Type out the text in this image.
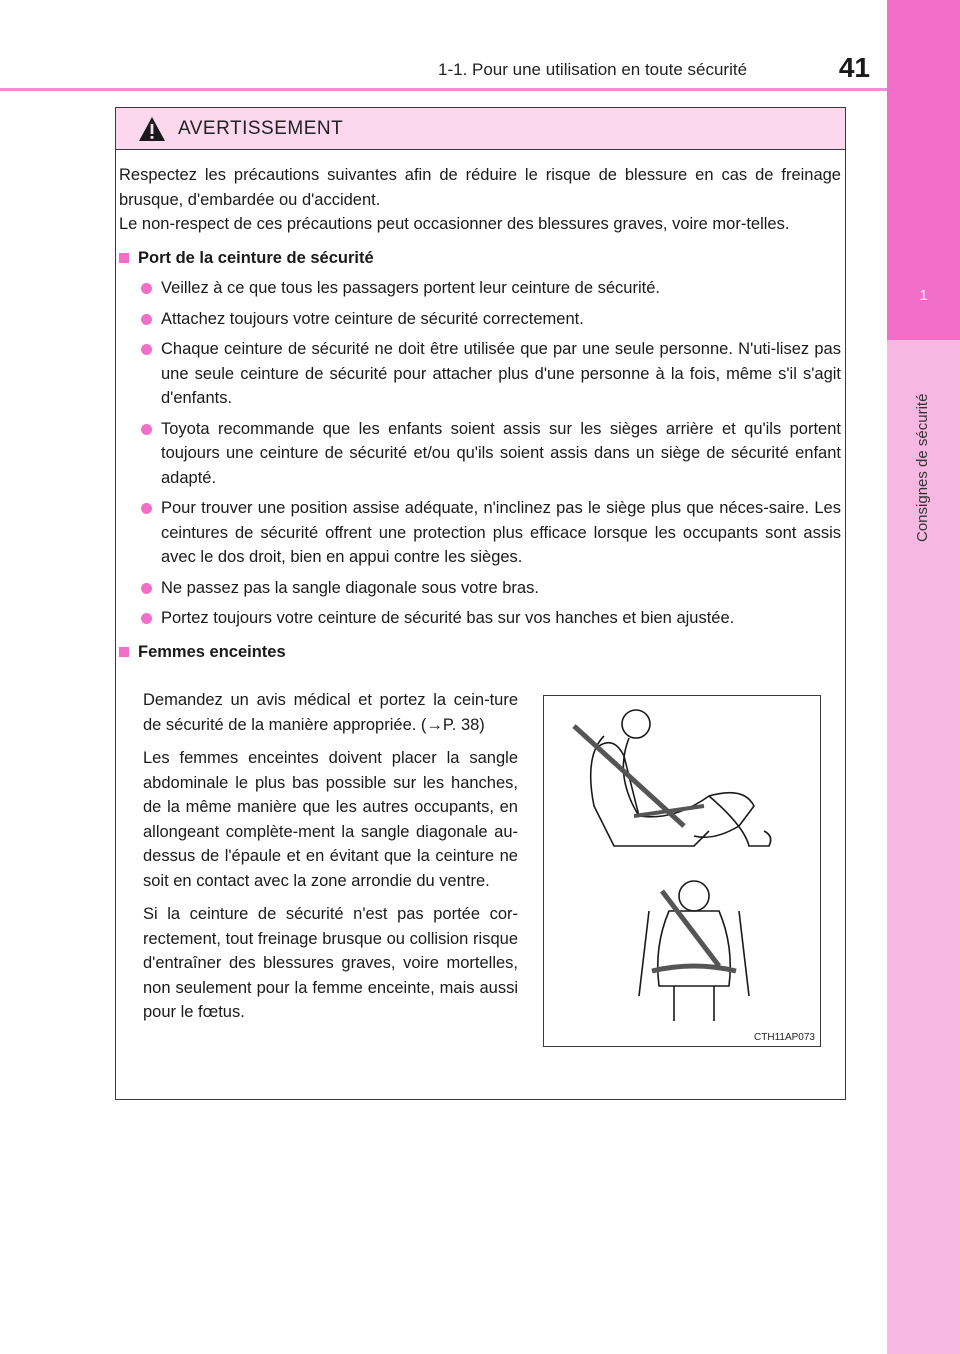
1
Consignes de sécurité
1-1. Pour une utilisation en toute sécurité	41
AVERTISSEMENT

Respectez les précautions suivantes afin de réduire le risque de blessure en cas de freinage brusque, d'embardée ou d'accident.

Le non-respect de ces précautions peut occasionner des blessures graves, voire mor-telles.

Port de la ceinture de sécurité
Veillez à ce que tous les passagers portent leur ceinture de sécurité.
Attachez toujours votre ceinture de sécurité correctement.
Chaque ceinture de sécurité ne doit être utilisée que par une seule personne. N'uti-lisez pas une seule ceinture de sécurité pour attacher plus d'une personne à la fois, même s'il s'agit d'enfants.
Toyota recommande que les enfants soient assis sur les sièges arrière et qu'ils portent toujours une ceinture de sécurité et/ou qu'ils soient assis dans un siège de sécurité enfant adapté.
Pour trouver une position assise adéquate, n'inclinez pas le siège plus que néces-saire. Les ceintures de sécurité offrent une protection plus efficace lorsque les occupants sont assis avec le dos droit, bien en appui contre les sièges.
Ne passez pas la sangle diagonale sous votre bras.
Portez toujours votre ceinture de sécurité bas sur vos hanches et bien ajustée.
Femmes enceintes

Demandez un avis médical et portez la cein-ture de sécurité de la manière appropriée. (→P. 38)

Les femmes enceintes doivent placer la sangle abdominale le plus bas possible sur les hanches, de la même manière que les autres occupants, en allongeant complète-ment la sangle diagonale au-dessus de l'épaule et en évitant que la ceinture ne soit en contact avec la zone arrondie du ventre.

Si la ceinture de sécurité n'est pas portée cor-rectement, tout freinage brusque ou collision risque d'entraîner des blessures graves, voire mortelles, non seulement pour la femme enceinte, mais aussi pour le fœtus.

CTH11AP073
